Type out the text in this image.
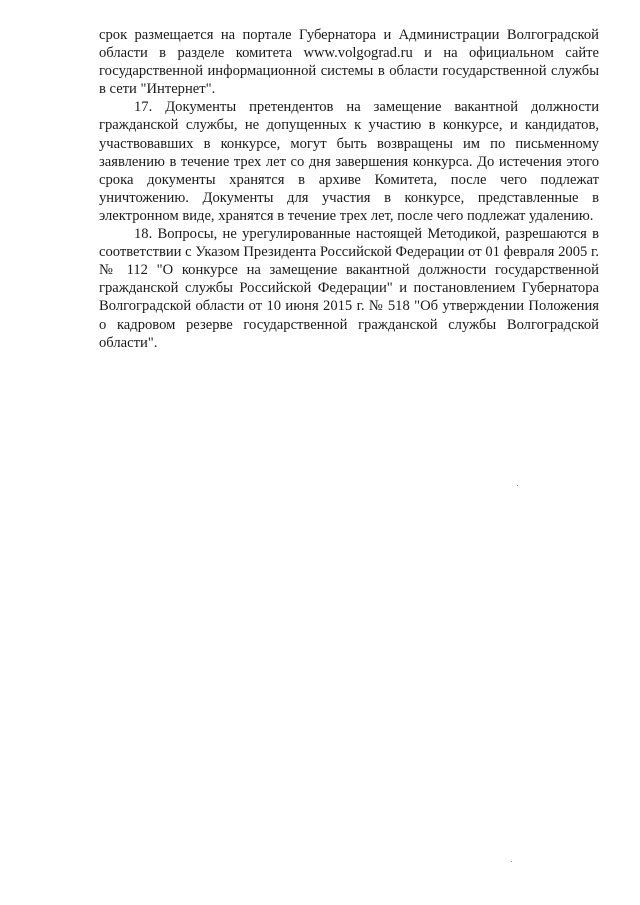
срок размещается на портале Губернатора и Администрации Волгоградской области в разделе комитета www.volgograd.ru и на официальном сайте государственной информационной системы в области государственной службы в сети "Интернет".

17. Документы претендентов на замещение вакантной должности гражданской службы, не допущенных к участию в конкурсе, и кандидатов, участвовавших в конкурсе, могут быть возвращены им по письменному заявлению в течение трех лет со дня завершения конкурса. До истечения этого срока документы хранятся в архиве Комитета, после чего подлежат уничтожению. Документы для участия в конкурсе, представленные в электронном виде, хранятся в течение трех лет, после чего подлежат удалению.

18. Вопросы, не урегулированные настоящей Методикой, разрешаются в соответствии с Указом Президента Российской Федерации от 01 февраля 2005 г. № 112 "О конкурсе на замещение вакантной должности государственной гражданской службы Российской Федерации" и постановлением Губернатора Волгоградской области от 10 июня 2015 г. № 518 "Об утверждении Положения о кадровом резерве государственной гражданской службы Волгоградской области".
